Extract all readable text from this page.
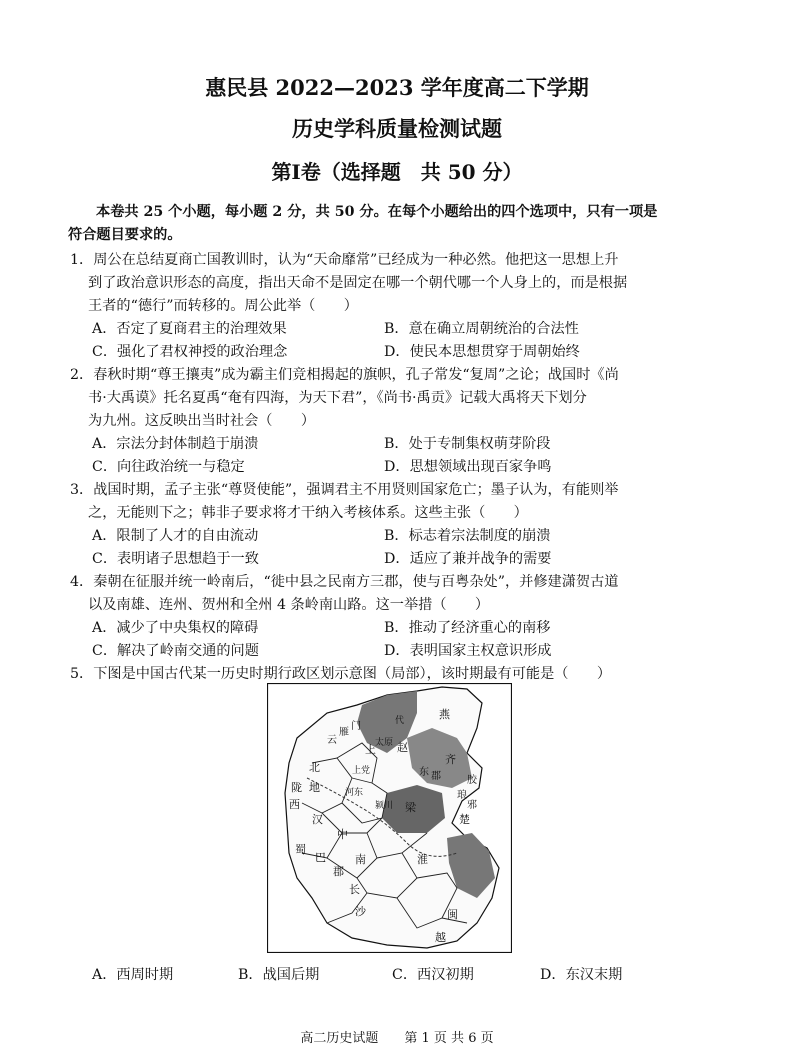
惠民县 2022—2023 学年度高二下学期
历史学科质量检测试题
第Ⅰ卷（选择题　共 50 分）
本卷共 25 个小题，每小题 2 分，共 50 分。在每个小题给出的四个选项中，只有一项是
符合题目要求的。
1．周公在总结夏商亡国教训时，认为“天命靡常”已经成为一种必然。他把这一思想上升
到了政治意识形态的高度，指出天命不是固定在哪一个朝代哪一个人身上的，而是根据
王者的“德行”而转移的。周公此举（　　）
A．否定了夏商君主的治理效果	B．意在确立周朝统治的合法性
C．强化了君权神授的政治理念	D．使民本思想贯穿于周朝始终
2．春秋时期“尊王攘夷”成为霸主们竞相揭起的旗帜，孔子常发“复周”之论；战国时《尚
书·大禹谟》托名夏禹“奄有四海，为天下君”，《尚书·禹贡》记载大禹将天下划分
为九州。这反映出当时社会（　　）
A．宗法分封体制趋于崩溃	B．处于专制集权萌芽阶段
C．向往政治统一与稳定	D．思想领域出现百家争鸣
3．战国时期，孟子主张“尊贤使能”，强调君主不用贤则国家危亡；墨子认为，有能则举
之，无能则下之；韩非子要求将才干纳入考核体系。这些主张（　　）
A．限制了人才的自由流动	B．标志着宗法制度的崩溃
C．表明诸子思想趋于一致	D．适应了兼并战争的需要
4．秦朝在征服并统一岭南后，“徙中县之民南方三郡，使与百粤杂处”，并修建潇贺古道
以及南雄、连州、贺州和全州 4 条岭南山路。这一举措（　　）
A．减少了中央集权的障碍	B．推动了经济重心的南移
C．解决了岭南交通的问题	D．表明国家主权意识形成
5．下图是中国古代某一历史时期行政区划示意图（局部），该时期最有可能是（　　）
燕
赵
上 太原
代
北
地
陇
西
汉
中
蜀
巴
郡
南
长
沙
淮
闽
越
楚
梁
齐
颍川
河东
上党
云
雁
门
东 郡	胶
琅
邪
A．西周时期	B．战国后期	C．西汉初期	D．东汉末期
高二历史试题　　第 1 页 共 6 页
